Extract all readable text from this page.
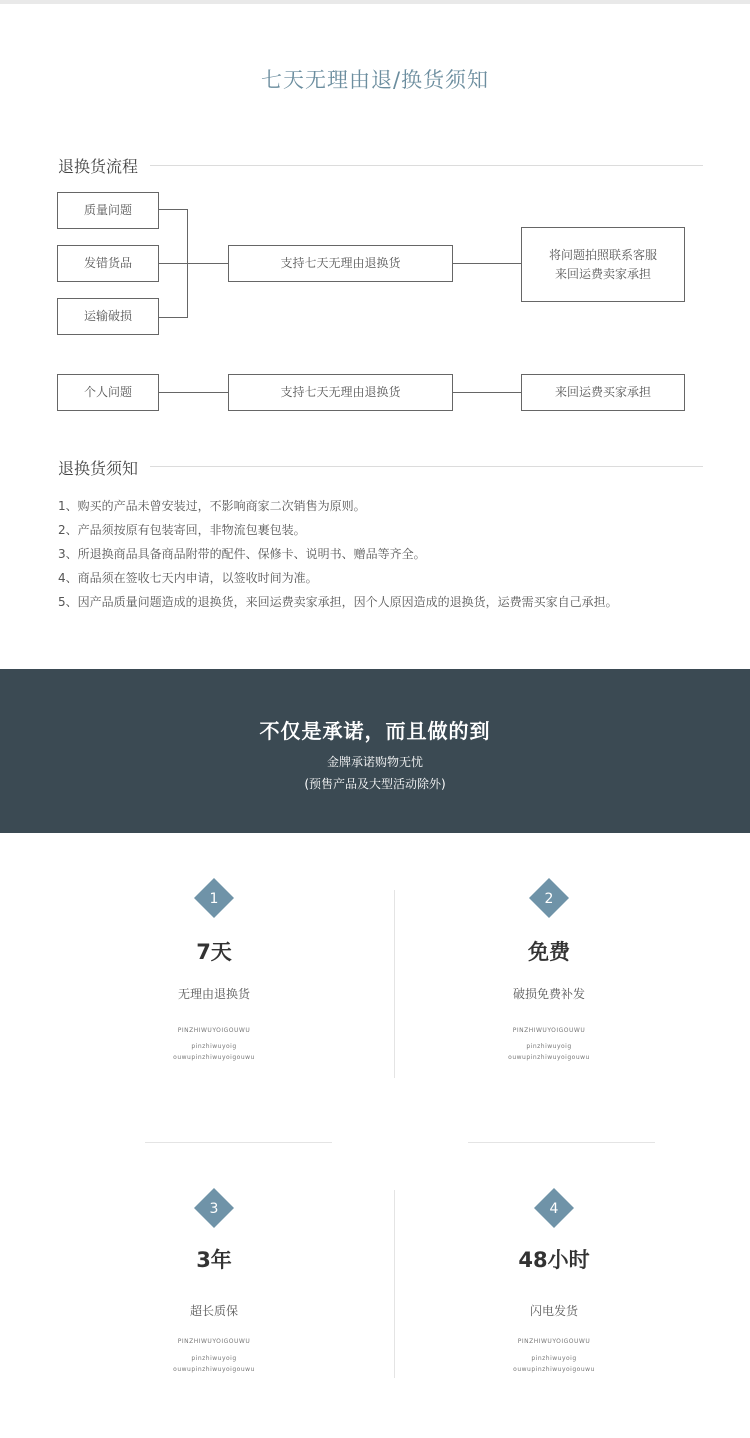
七天无理由退/换货须知
退换货流程
质量问题
发错货品
运输破损
支持七天无理由退换货
将问题拍照联系客服
来回运费卖家承担
个人问题	支持七天无理由退换货	来回运费买家承担
退换货须知
1、购买的产品未曾安装过，不影响商家二次销售为原则。
2、产品须按原有包装寄回，非物流包裹包装。
3、所退换商品具备商品附带的配件、保修卡、说明书、赠品等齐全。
4、商品须在签收七天内申请，以签收时间为准。
5、因产品质量问题造成的退换货，来回运费卖家承担，因个人原因造成的退换货，运费需买家自己承担。
不仅是承诺，而且做的到
金牌承诺购物无忧
(预售产品及大型活动除外)
1
7天
无理由退换货
PINZHIWUYOIGOUWU
pinzhiwuyoig
ouwupinzhiwuyoigouwu
2
免费
破损免费补发
PINZHIWUYOIGOUWU
pinzhiwuyoig
ouwupinzhiwuyoigouwu
3
3年
超长质保
PINZHIWUYOIGOUWU
pinzhiwuyoig
ouwupinzhiwuyoigouwu
4
48小时
闪电发货
PINZHIWUYOIGOUWU
pinzhiwuyoig
ouwupinzhiwuyoigouwu
